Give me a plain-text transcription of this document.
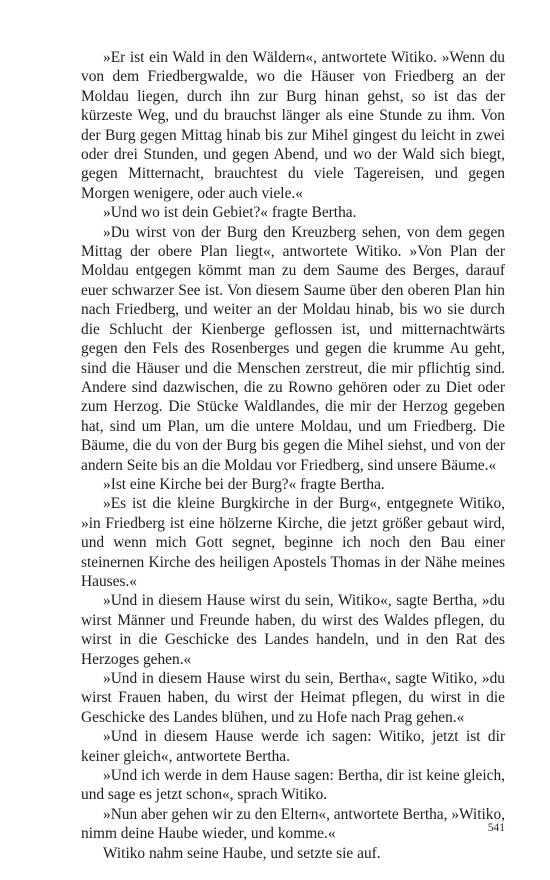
»Er ist ein Wald in den Wäldern«, antwortete Witiko. »Wenn du von dem Friedbergwalde, wo die Häuser von Friedberg an der Moldau liegen, durch ihn zur Burg hinan gehst, so ist das der kürzeste Weg, und du brauchst länger als eine Stunde zu ihm. Von der Burg gegen Mittag hinab bis zur Mihel gingest du leicht in zwei oder drei Stunden, und gegen Abend, und wo der Wald sich biegt, gegen Mitternacht, brauchtest du viele Tagereisen, und gegen Morgen wenigere, oder auch viele.«

»Und wo ist dein Gebiet?« fragte Bertha.

»Du wirst von der Burg den Kreuzberg sehen, von dem gegen Mittag der obere Plan liegt«, antwortete Witiko. »Von Plan der Moldau entgegen kömmt man zu dem Saume des Berges, darauf euer schwarzer See ist. Von diesem Saume über den oberen Plan hin nach Friedberg, und weiter an der Moldau hinab, bis wo sie durch die Schlucht der Kienberge geflossen ist, und mitternachtwärts gegen den Fels des Rosenberges und gegen die krumme Au geht, sind die Häuser und die Menschen zerstreut, die mir pflichtig sind. Andere sind dazwischen, die zu Rowno gehören oder zu Diet oder zum Herzog. Die Stücke Waldlandes, die mir der Herzog gegeben hat, sind um Plan, um die untere Moldau, und um Friedberg. Die Bäume, die du von der Burg bis gegen die Mihel siehst, und von der andern Seite bis an die Moldau vor Friedberg, sind unsere Bäume.«

»Ist eine Kirche bei der Burg?« fragte Bertha.

»Es ist die kleine Burgkirche in der Burg«, entgegnete Witiko, »in Friedberg ist eine hölzerne Kirche, die jetzt größer gebaut wird, und wenn mich Gott segnet, beginne ich noch den Bau einer steinernen Kirche des heiligen Apostels Thomas in der Nähe meines Hauses.«

»Und in diesem Hause wirst du sein, Witiko«, sagte Bertha, »du wirst Männer und Freunde haben, du wirst des Waldes pflegen, du wirst in die Geschicke des Landes handeln, und in den Rat des Herzoges gehen.«

»Und in diesem Hause wirst du sein, Bertha«, sagte Witiko, »du wirst Frauen haben, du wirst der Heimat pflegen, du wirst in die Geschicke des Landes blühen, und zu Hofe nach Prag gehen.«

»Und in diesem Hause werde ich sagen: Witiko, jetzt ist dir keiner gleich«, antwortete Bertha.

»Und ich werde in dem Hause sagen: Bertha, dir ist keine gleich, und sage es jetzt schon«, sprach Witiko.

»Nun aber gehen wir zu den Eltern«, antwortete Bertha, »Witiko, nimm deine Haube wieder, und komme.«

Witiko nahm seine Haube, und setzte sie auf.

541
